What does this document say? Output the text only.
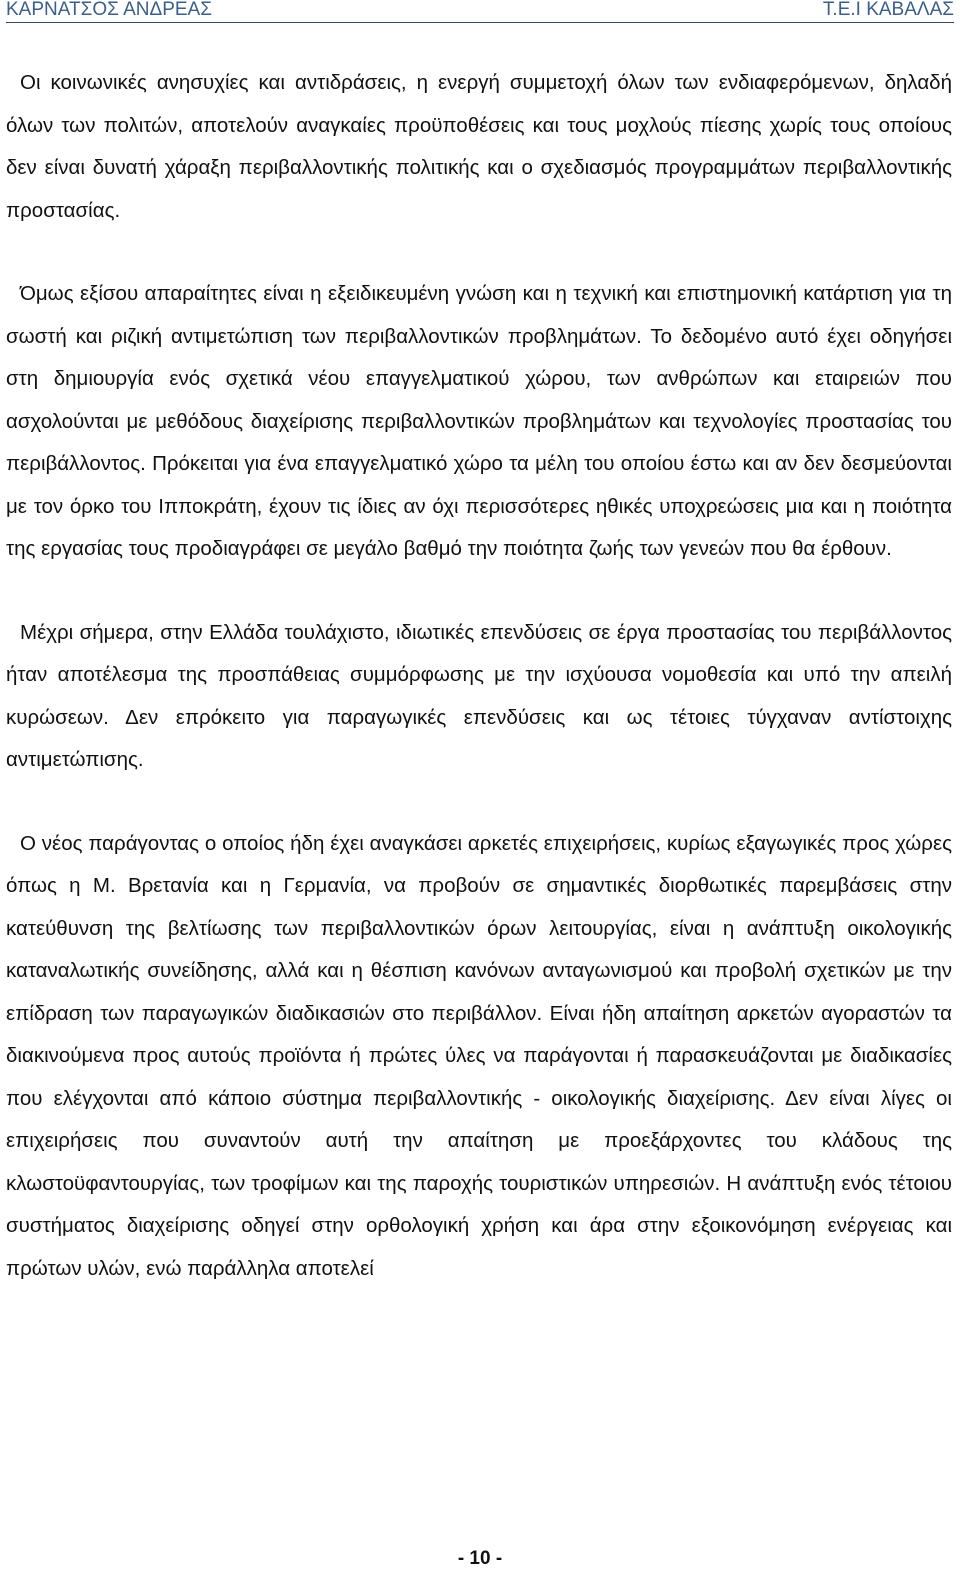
ΚΑΡΝΑΤΣΟΣ ΑΝΔΡΕΑΣ	Τ.Ε.Ι ΚΑΒΑΛΑΣ

Οι κοινωνικές ανησυχίες και αντιδράσεις, η ενεργή συμμετοχή όλων των ενδιαφερόμενων, δηλαδή όλων των πολιτών, αποτελούν αναγκαίες προϋποθέσεις και τους μοχλούς πίεσης χωρίς τους οποίους δεν είναι δυνατή χάραξη περιβαλλοντικής πολιτικής και ο σχεδιασμός προγραμμάτων περιβαλλοντικής προστασίας.

Όμως εξίσου απαραίτητες είναι η εξειδικευμένη γνώση και η τεχνική και επιστημονική κατάρτιση για τη σωστή και ριζική αντιμετώπιση των περιβαλλοντικών προβλημάτων. Το δεδομένο αυτό έχει οδηγήσει στη δημιουργία ενός σχετικά νέου επαγγελματικού χώρου, των ανθρώπων και εταιρειών που ασχολούνται με μεθόδους διαχείρισης περιβαλλοντικών προβλημάτων και τεχνολογίες προστασίας του περιβάλλοντος. Πρόκειται για ένα επαγγελματικό χώρο τα μέλη του οποίου έστω και αν δεν δεσμεύονται με τον όρκο του Ιπποκράτη, έχουν τις ίδιες αν όχι περισσότερες ηθικές υποχρεώσεις μια και η ποιότητα της εργασίας τους προδιαγράφει σε μεγάλο βαθμό την ποιότητα ζωής των γενεών που θα έρθουν.

Μέχρι σήμερα, στην Ελλάδα τουλάχιστο, ιδιωτικές επενδύσεις σε έργα προστασίας του περιβάλλοντος ήταν αποτέλεσμα της προσπάθειας συμμόρφωσης με την ισχύουσα νομοθεσία και υπό την απειλή κυρώσεων. Δεν επρόκειτο για παραγωγικές επενδύσεις και ως τέτοιες τύγχαναν αντίστοιχης αντιμετώπισης.

Ο νέος παράγοντας ο οποίος ήδη έχει αναγκάσει αρκετές επιχειρήσεις, κυρίως εξαγωγικές προς χώρες όπως η Μ. Βρετανία και η Γερμανία, να προβούν σε σημαντικές διορθωτικές παρεμβάσεις στην κατεύθυνση της βελτίωσης των περιβαλλοντικών όρων λειτουργίας, είναι η ανάπτυξη οικολογικής καταναλωτικής συνείδησης, αλλά και η θέσπιση κανόνων ανταγωνισμού και προβολή σχετικών με την επίδραση των παραγωγικών διαδικασιών στο περιβάλλον. Είναι ήδη απαίτηση αρκετών αγοραστών τα διακινούμενα προς αυτούς προϊόντα ή πρώτες ύλες να παράγονται ή παρασκευάζονται με διαδικασίες που ελέγχονται από κάποιο σύστημα περιβαλλοντικής - οικολογικής διαχείρισης. Δεν είναι λίγες οι επιχειρήσεις που συναντούν αυτή την απαίτηση με προεξάρχοντες του κλάδους της κλωστοϋφαντουργίας, των τροφίμων και της παροχής τουριστικών υπηρεσιών. Η ανάπτυξη ενός τέτοιου συστήματος διαχείρισης οδηγεί στην ορθολογική χρήση και άρα στην εξοικονόμηση ενέργειας και πρώτων υλών, ενώ παράλληλα αποτελεί

- 10 -
